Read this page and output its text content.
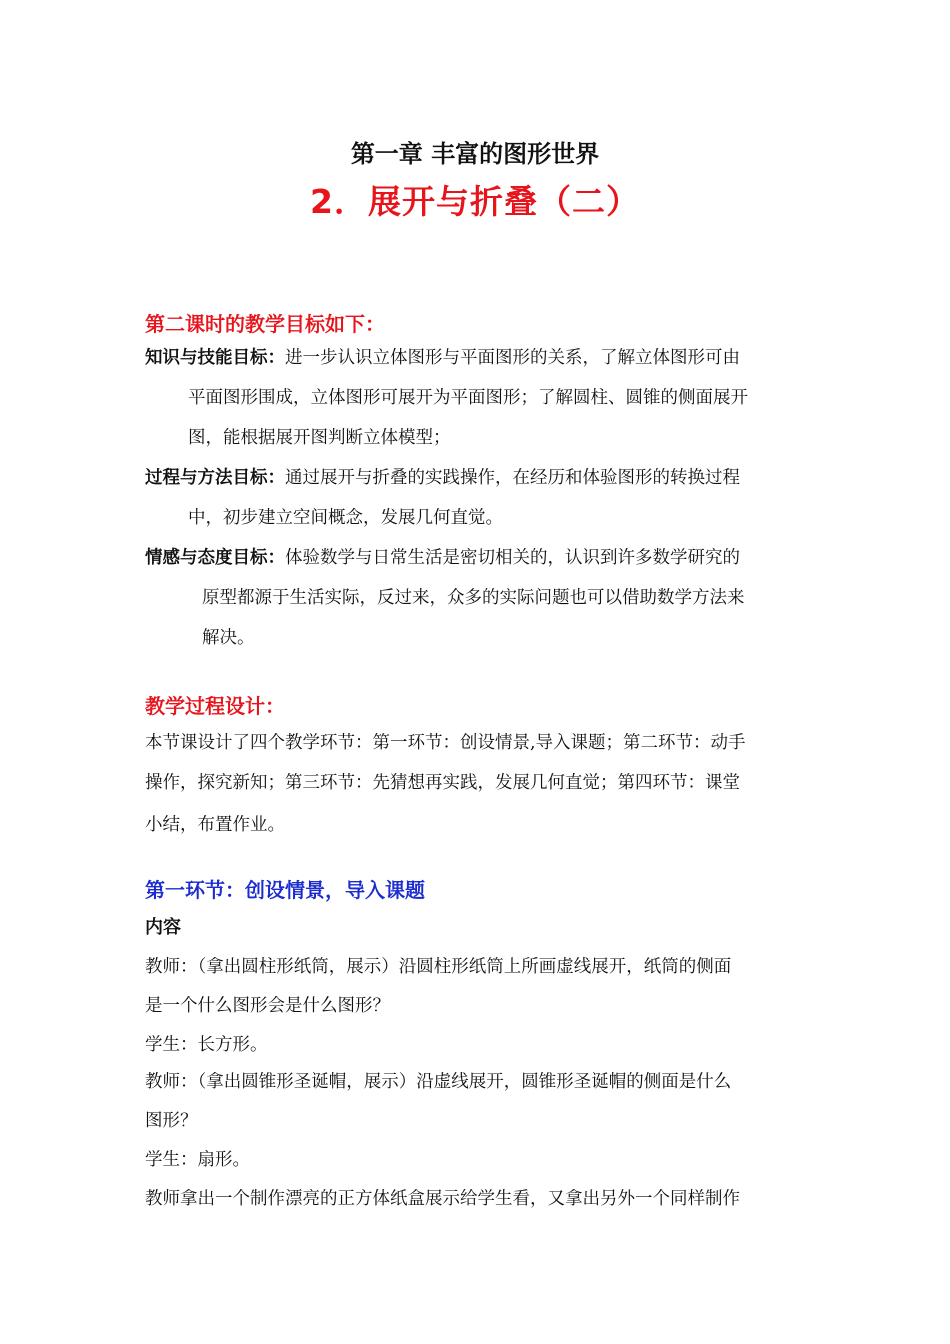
第一章 丰富的图形世界
2．展开与折叠（二）
第二课时的教学目标如下：
知识与技能目标：进一步认识立体图形与平面图形的关系，了解立体图形可由
平面图形围成，立体图形可展开为平面图形；了解圆柱、圆锥的侧面展开
图，能根据展开图判断立体模型；
过程与方法目标：通过展开与折叠的实践操作，在经历和体验图形的转换过程
中，初步建立空间概念，发展几何直觉。
情感与态度目标：体验数学与日常生活是密切相关的，认识到许多数学研究的
原型都源于生活实际，反过来，众多的实际问题也可以借助数学方法来
解决。
教学过程设计：
本节课设计了四个教学环节：第一环节：创设情景,导入课题；第二环节：动手
操作，探究新知；第三环节：先猜想再实践，发展几何直觉；第四环节：课堂
小结，布置作业。
第一环节：创设情景，导入课题
内容
教师：（拿出圆柱形纸筒，展示）沿圆柱形纸筒上所画虚线展开，纸筒的侧面
是一个什么图形会是什么图形？
学生：长方形。
教师：（拿出圆锥形圣诞帽，展示）沿虚线展开，圆锥形圣诞帽的侧面是什么
图形？
学生：扇形。
教师拿出一个制作漂亮的正方体纸盒展示给学生看，又拿出另外一个同样制作
